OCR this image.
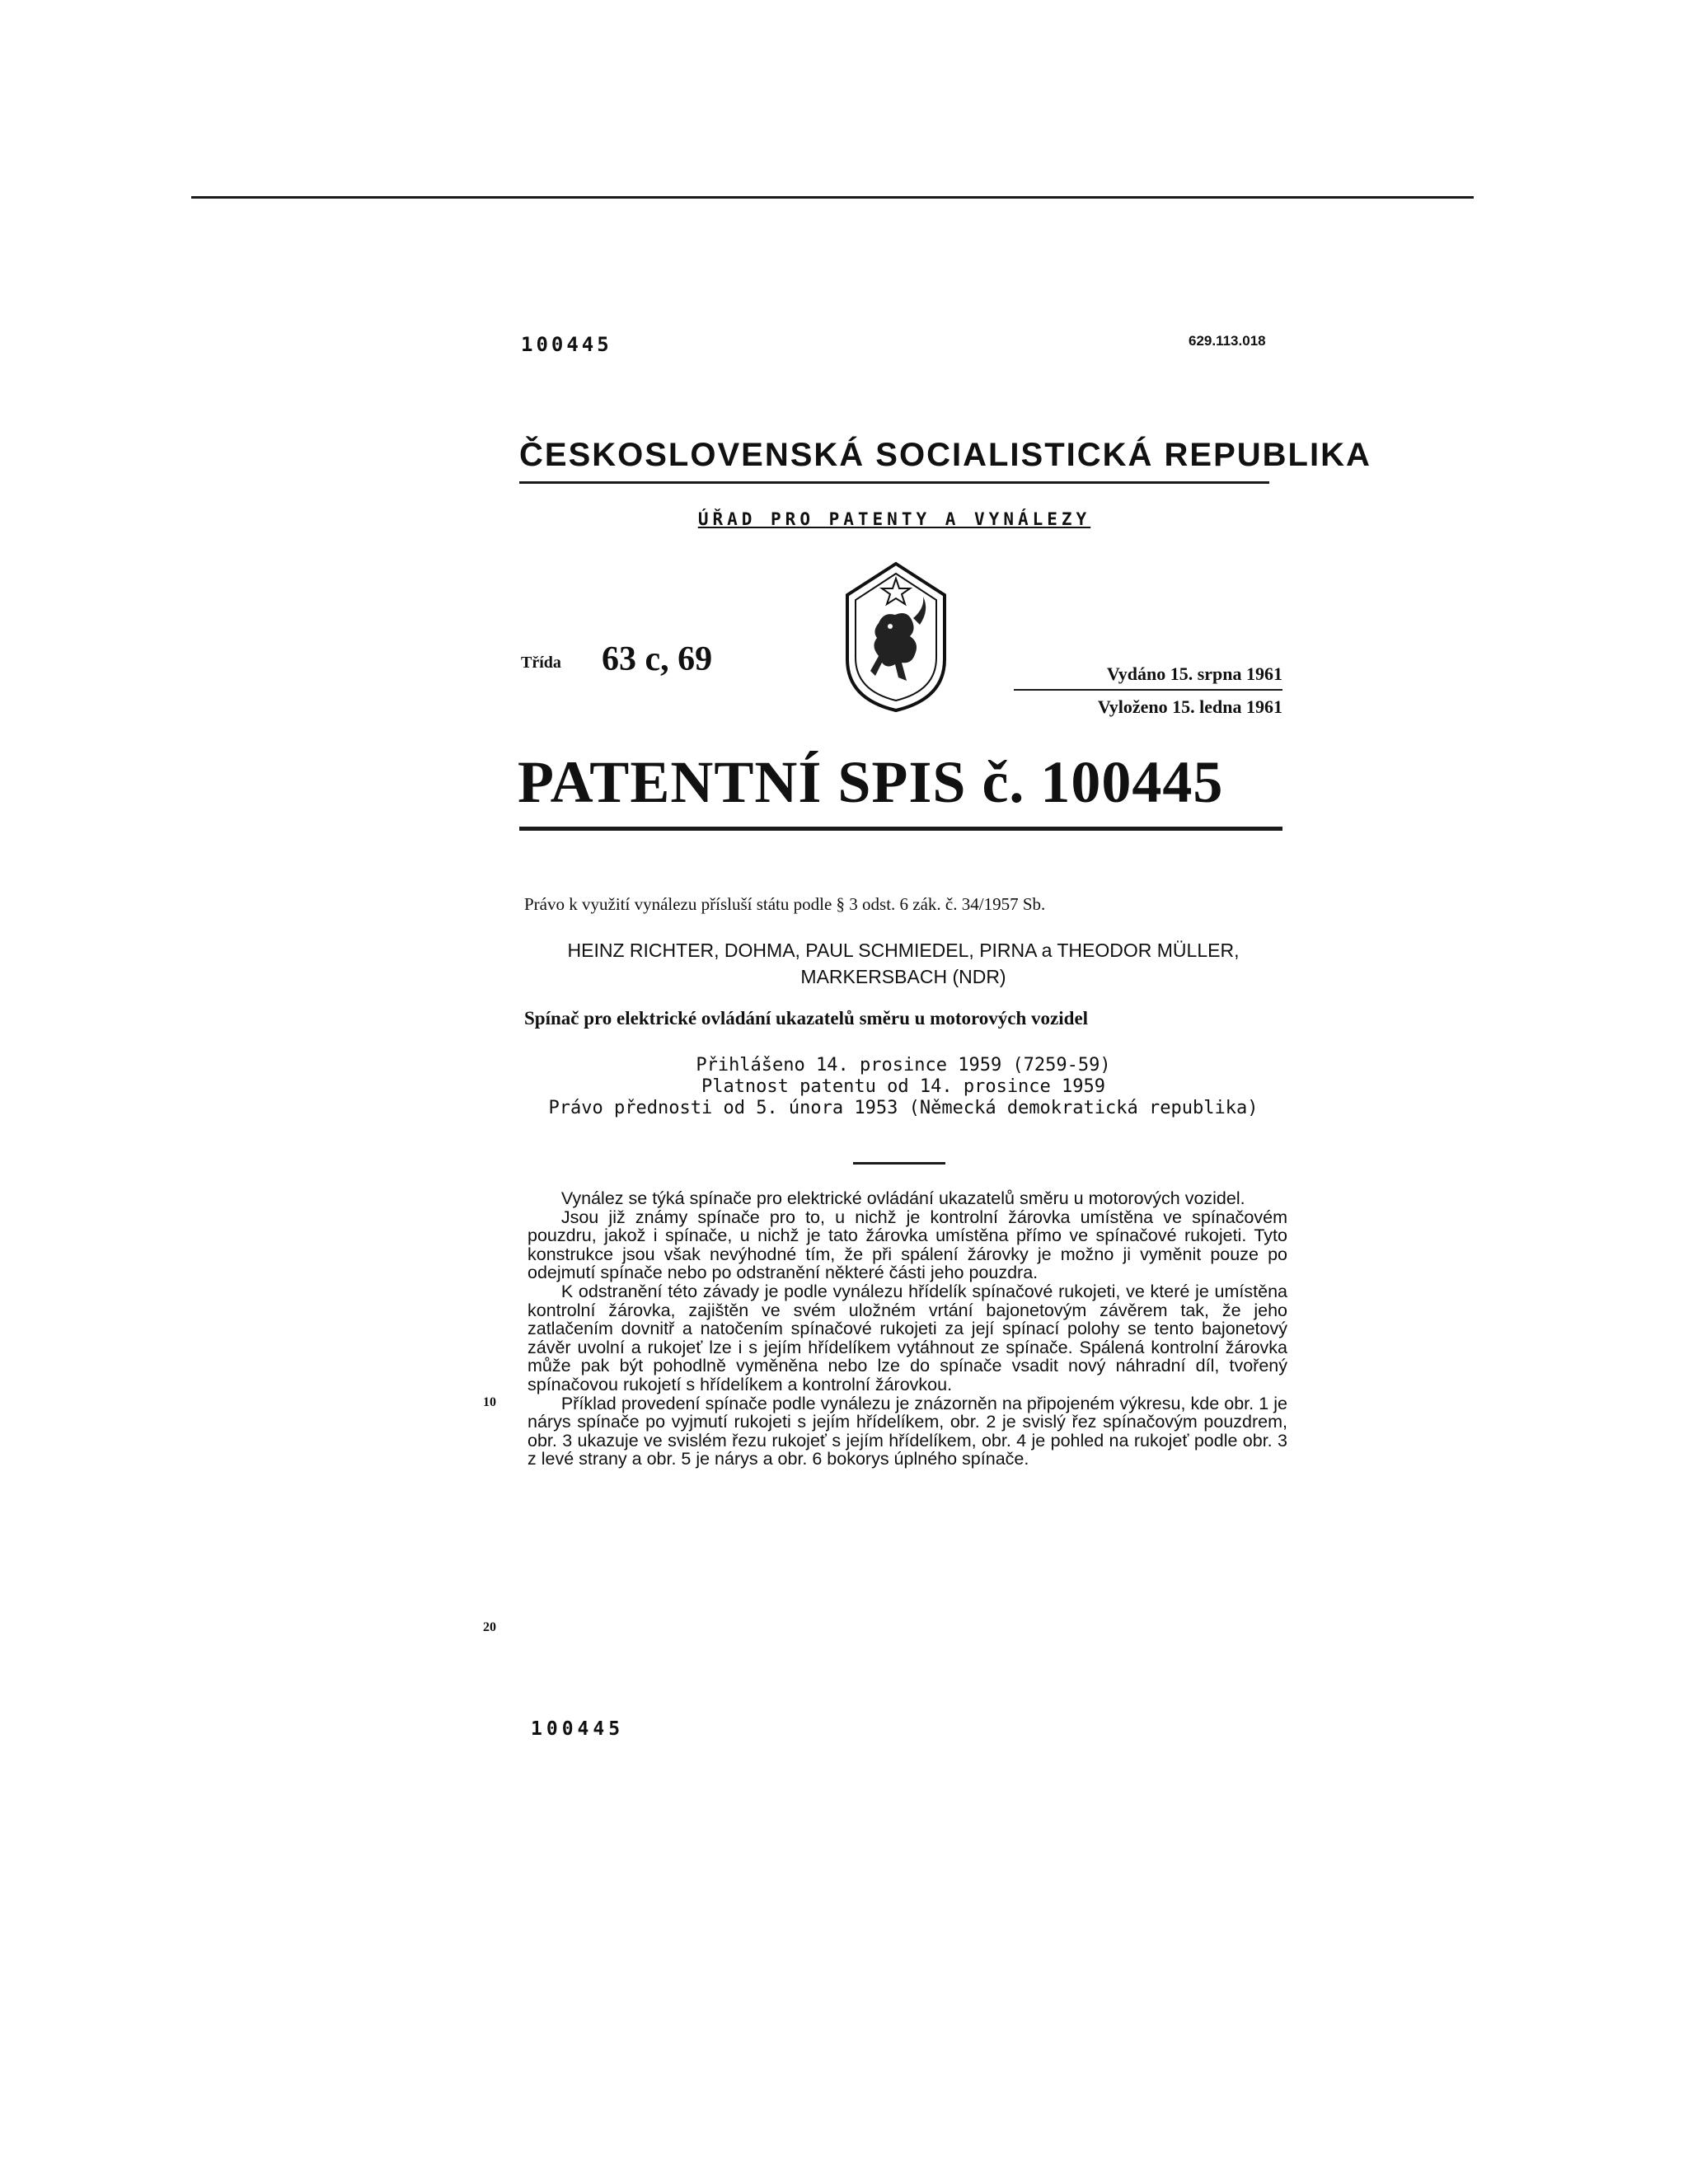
100445	629.113.018
ČESKOSLOVENSKÁ SOCIALISTICKÁ REPUBLIKA
ÚŘAD PRO PATENTY A VYNÁLEZY
Třída 63 c, 69	Vydáno 15. srpna 1961
Vyloženo 15. ledna 1961
PATENTNÍ SPIS č. 100445
Právo k využití vynálezu přísluší státu podle § 3 odst. 6 zák. č. 34/1957 Sb.
HEINZ RICHTER, DOHMA, PAUL SCHMIEDEL, PIRNA a THEODOR MÜLLER,
MARKERSBACH (NDR)
Spínač pro elektrické ovládání ukazatelů směru u motorových vozidel
Přihlášeno 14. prosince 1959 (7259-59)
Platnost patentu od 14. prosince 1959
Právo přednosti od 5. února 1953 (Německá demokratická republika)

Vynález se týká spínače pro elektrické ovládání ukazatelů směru u motorových vozidel.

Jsou již známy spínače pro to, u nichž je kontrolní žárovka umístěna ve spínačovém pouzdru, jakož i spínače, u nichž je tato žárovka umístěna přímo ve spínačové rukojeti. Tyto konstrukce jsou však nevýhodné tím, že při spálení žárovky je možno ji vyměnit pouze po odejmutí spínače nebo po odstranění některé části jeho pouzdra.

K odstranění této závady je podle vynálezu hřídelík spínačové rukojeti, ve které je umístěna kontrolní žárovka, zajištěn ve svém uložném vrtání bajonetovým závěrem tak, že jeho zatlačením dovnitř a natočením spínačové rukojeti za její spínací polohy se tento bajonetový závěr uvolní a rukojeť lze i s jejím hřídelíkem vytáhnout ze spínače. Spálená kontrolní žárovka může pak být pohodlně vyměněna nebo lze do spínače vsadit nový náhradní díl, tvořený spínačovou rukojetí s hřídelíkem a kontrolní žárovkou.

Příklad provedení spínače podle vynálezu je znázorněn na připojeném výkresu, kde obr. 1 je nárys spínače po vyjmutí rukojeti s jejím hřídelíkem, obr. 2 je svislý řez spínačovým pouzdrem, obr. 3 ukazuje ve svislém řezu rukojeť s jejím hřídelíkem, obr. 4 je pohled na rukojeť podle obr. 3 z levé strany a obr. 5 je nárys a obr. 6 bokorys úplného spínače.

10
20
100445
